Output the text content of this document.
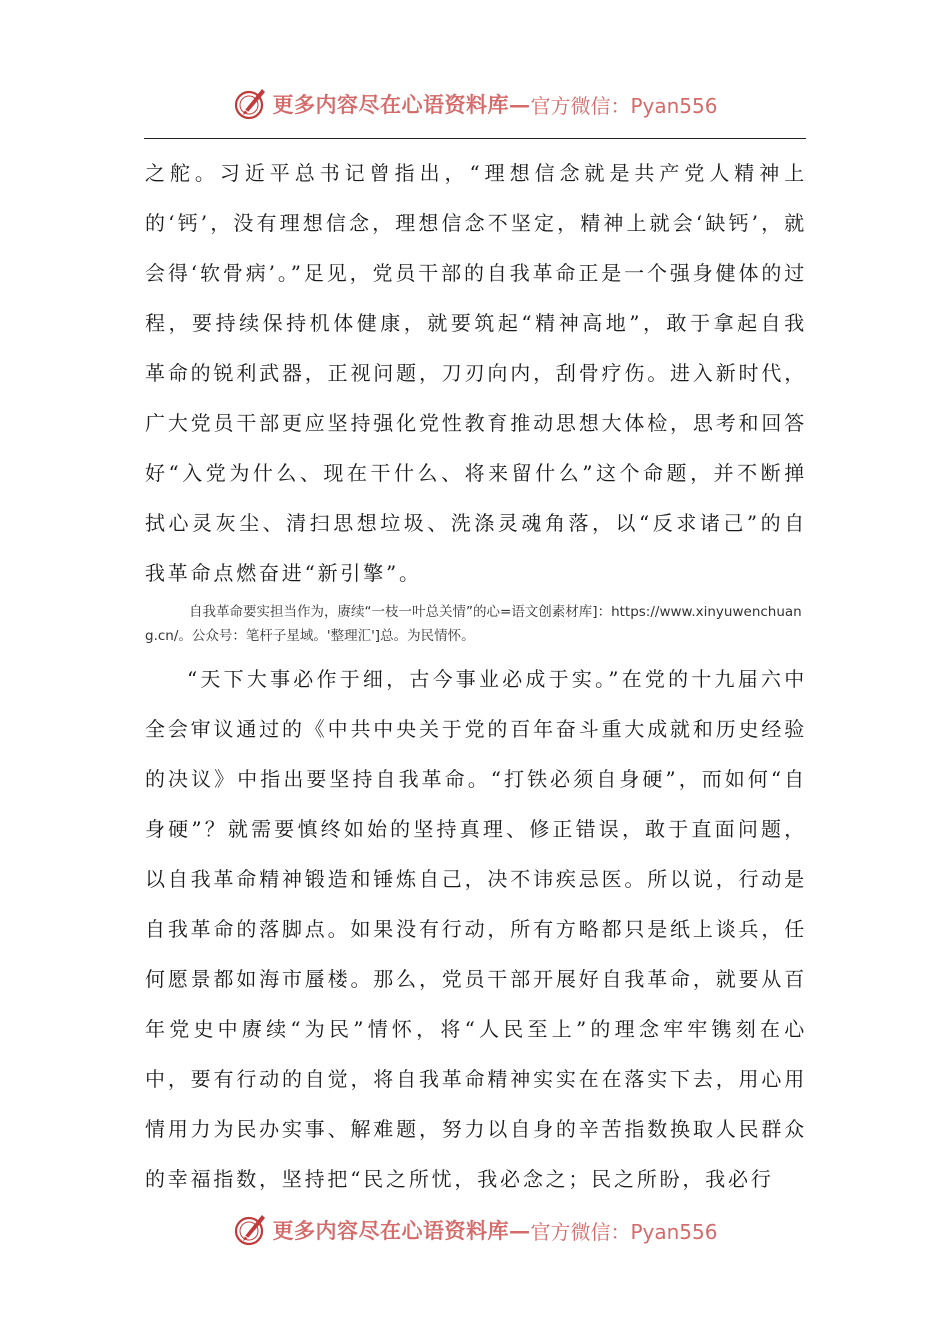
更多内容尽在心语资料库— 官方微信：Pyan556

之舵。习近平总书记曾指出，“理想信念就是共产党人精神上的‘钙’，没有理想信念，理想信念不坚定，精神上就会‘缺钙’，就会得‘软骨病’。”足见，党员干部的自我革命正是一个强身健体的过程，要持续保持机体健康，就要筑起“精神高地”，敢于拿起自我革命的锐利武器，正视问题，刀刃向内，刮骨疗伤。进入新时代，广大党员干部更应坚持强化党性教育推动思想大体检，思考和回答好“入党为什么、现在干什么、将来留什么”这个命题，并不断掸拭心灵灰尘、清扫思想垃圾、洗涤灵魂角落，以“反求诸己”的自我革命点燃奋进“新引擎”。

自我革命要实担当作为，赓续“一枝一叶总关情”的心=语文创素材库]：https://www.xinyuwenchuang.cn/。公众号：笔杆子星域。'整理汇']总。为民情怀。

“天下大事必作于细，古今事业必成于实。”在党的十九届六中全会审议通过的《中共中央关于党的百年奋斗重大成就和历史经验的决议》中指出要坚持自我革命。“打铁必须自身硬”，而如何“自身硬”？就需要慎终如始的坚持真理、修正错误，敢于直面问题，以自我革命精神锻造和锤炼自己，决不讳疾忌医。所以说，行动是自我革命的落脚点。如果没有行动，所有方略都只是纸上谈兵，任何愿景都如海市蜃楼。那么，党员干部开展好自我革命，就要从百年党史中赓续“为民”情怀，将“人民至上”的理念牢牢镌刻在心中，要有行动的自觉，将自我革命精神实实在在落实下去，用心用情用力为民办实事、解难题，努力以自身的辛苦指数换取人民群众的幸福指数，坚持把“民之所忧，我必念之；民之所盼，我必行

更多内容尽在心语资料库— 官方微信：Pyan556
